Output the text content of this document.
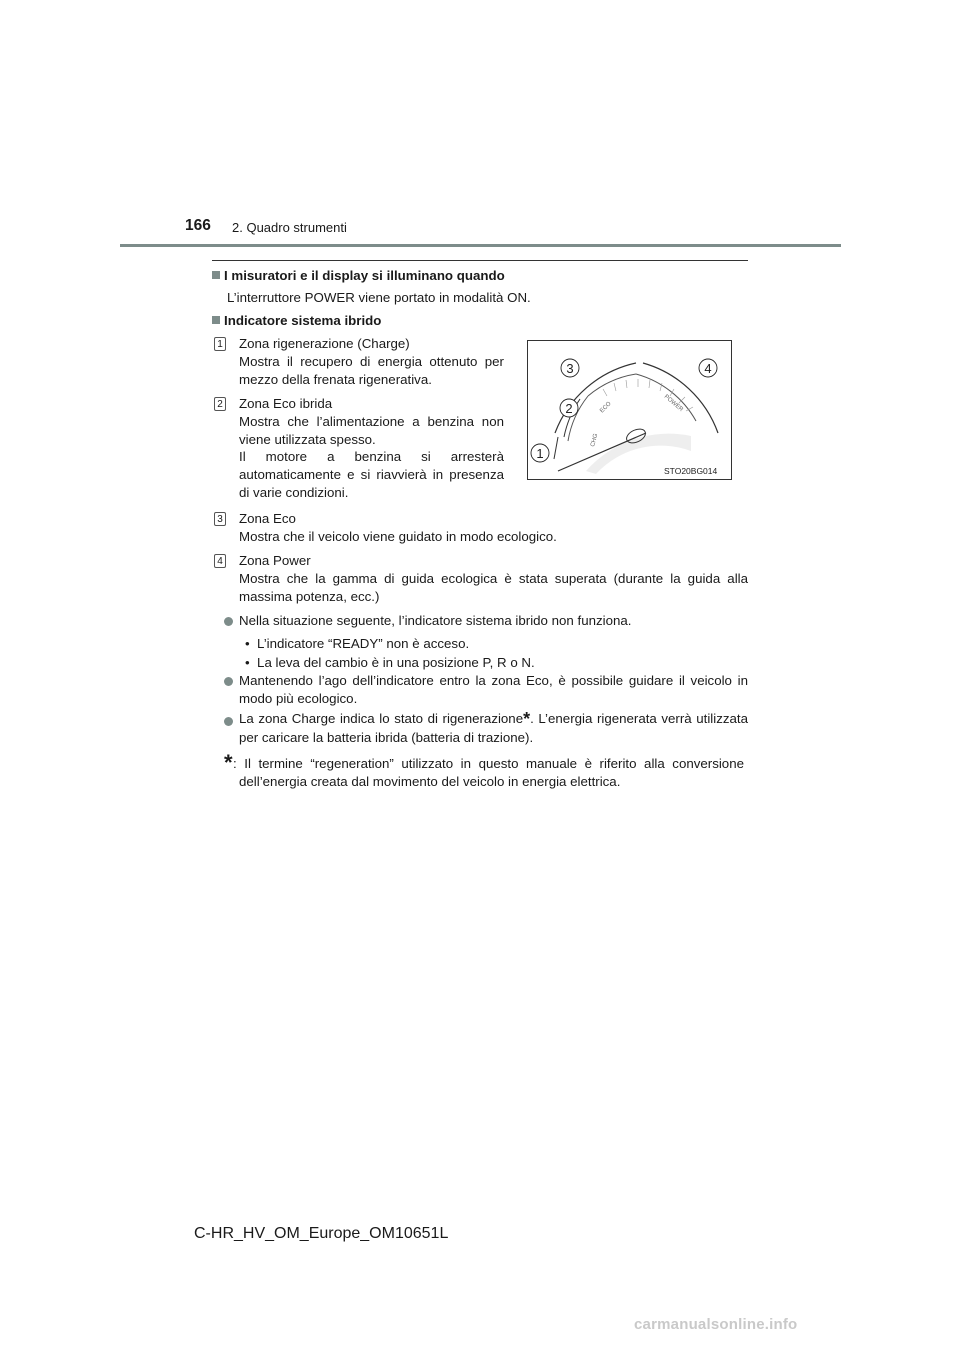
166 2. Quadro strumenti
I misuratori e il display si illuminano quando
L’interruttore POWER viene portato in modalità ON.
Indicatore sistema ibrido
1 Zona rigenerazione (Charge)
Mostra il recupero di energia ottenuto per
mezzo della frenata rigenerativa.
2 Zona Eco ibrida
Mostra che l’alimentazione a benzina non
viene utilizzata spesso.
Il motore a benzina si arresterà
automaticamente e si riavvierà in presenza
di varie condizioni.
CHG
ECO	POWER
1
2
3	4
STO20BG014
3 Zona Eco
Mostra che il veicolo viene guidato in modo ecologico.
4 Zona Power
Mostra che la gamma di guida ecologica è stata superata (durante la guida alla
massima potenza, ecc.)
Nella situazione seguente, l’indicatore sistema ibrido non funziona.
•  L’indicatore “READY” non è acceso.
•  La leva del cambio è in una posizione P, R o N.
Mantenendo l’ago dell’indicatore entro la zona Eco, è possibile guidare il veicolo in
modo più ecologico.
La zona Charge indica lo stato di rigenerazione*. L’energia rigenerata verrà utilizzata
per caricare la batteria ibrida (batteria di trazione).
* : Il termine “regeneration” utilizzato in questo manuale è riferito alla conversione
dell’energia creata dal movimento del veicolo in energia elettrica.
C-HR_HV_OM_Europe_OM10651L
carmanualsonline.info
